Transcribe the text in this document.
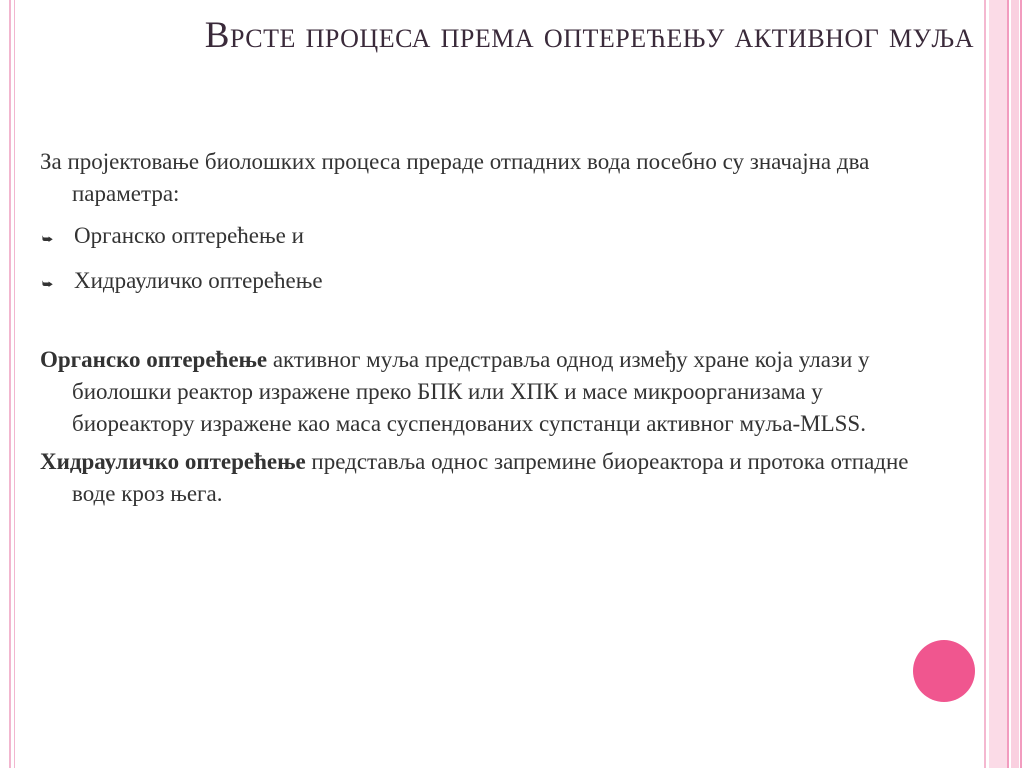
Врсте процеса према оптерећењу активног муља

За пројектовање биолошких процеса прераде отпадних вода посебно су значајна два параметра:

⮩ Органско оптерећење и
⮩ Хидрауличко оптерећење

Органско оптерећење активног муља предстравља однод између хране која улази у биолошки реактор изражене преко БПК или ХПК и масе микроорганизама у биореактору изражене као маса суспендованих супстанци активног муља-MLSS.

Хидрауличко оптерећење представља однос запремине биореактора и протока отпадне воде кроз њега.
